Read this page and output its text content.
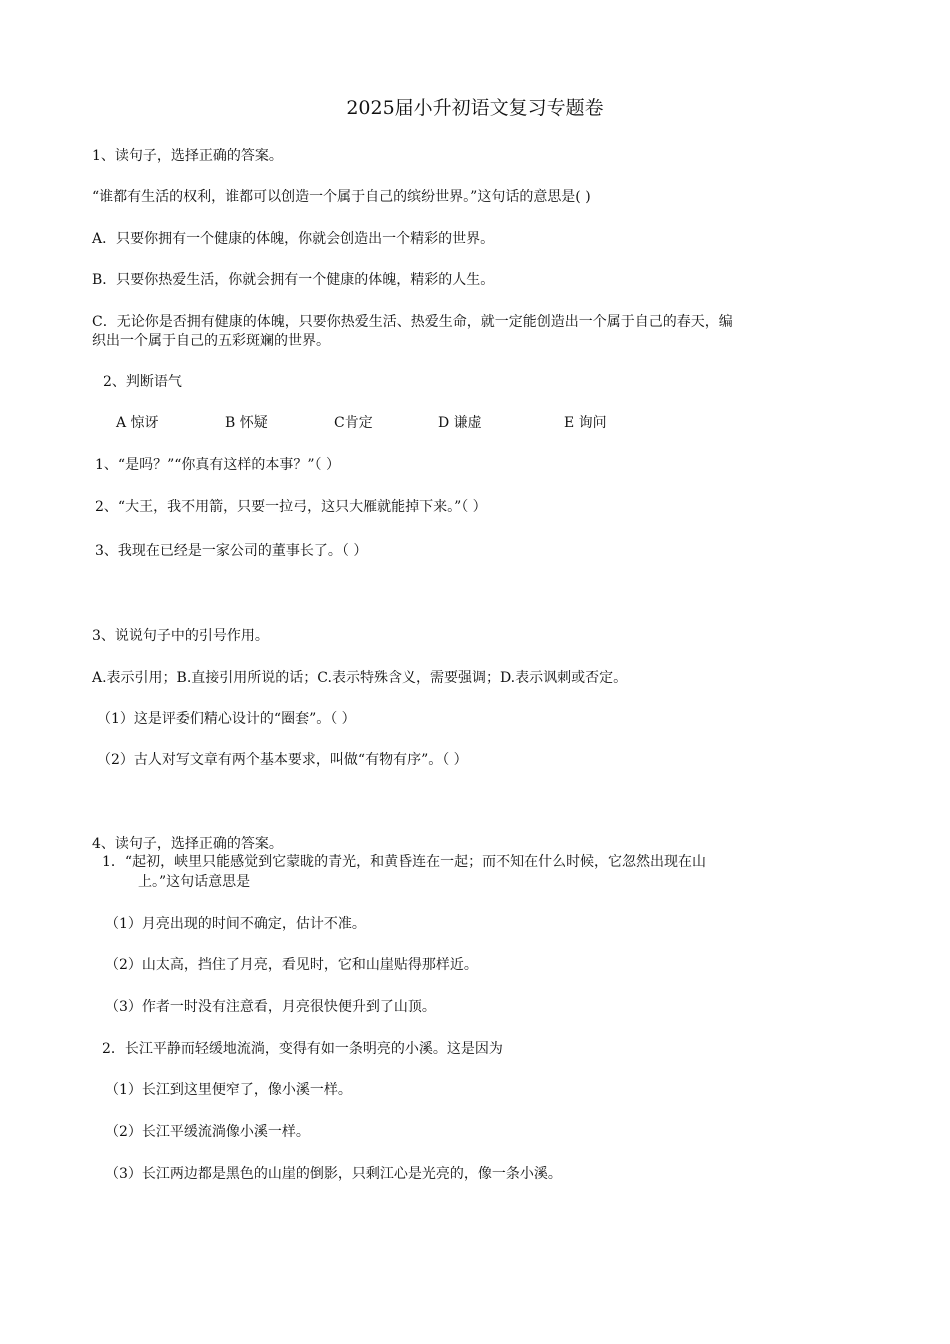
2025届小升初语文复习专题卷
1、读句子，选择正确的答案。
“谁都有生活的权利，谁都可以创造一个属于自己的缤纷世界。”这句话的意思是( )
A．只要你拥有一个健康的体魄，你就会创造出一个精彩的世界。
B．只要你热爱生活，你就会拥有一个健康的体魄，精彩的人生。
C．无论你是否拥有健康的体魄，只要你热爱生活、热爱生命，就一定能创造出一个属于自己的春天，编
织出一个属于自己的五彩斑斓的世界。
2、判断语气
A 惊讶	B 怀疑	C肯定	D 谦虚	E 询问
1、“是吗？”“你真有这样的本事？”（ ）
2、“大王，我不用箭，只要一拉弓，这只大雁就能掉下来。”（ ）
3、我现在已经是一家公司的董事长了。（ ）
3、说说句子中的引号作用。
A.表示引用；B.直接引用所说的话；C.表示特殊含义，需要强调；D.表示讽刺或否定。
（1）这是评委们精心设计的“圈套”。（ ）
（2）古人对写文章有两个基本要求，叫做“有物有序”。（ ）
4、读句子，选择正确的答案。
1．“起初，峡里只能感觉到它蒙眬的青光，和黄昏连在一起；而不知在什么时候，它忽然出现在山
上。”这句话意思是
（1）月亮出现的时间不确定，估计不准。
（2）山太高，挡住了月亮，看见时，它和山崖贴得那样近。
（3）作者一时没有注意看，月亮很快便升到了山顶。
2．长江平静而轻缓地流淌，变得有如一条明亮的小溪。这是因为
（1）长江到这里便窄了，像小溪一样。
（2）长江平缓流淌像小溪一样。
（3）长江两边都是黑色的山崖的倒影，只剩江心是光亮的，像一条小溪。
